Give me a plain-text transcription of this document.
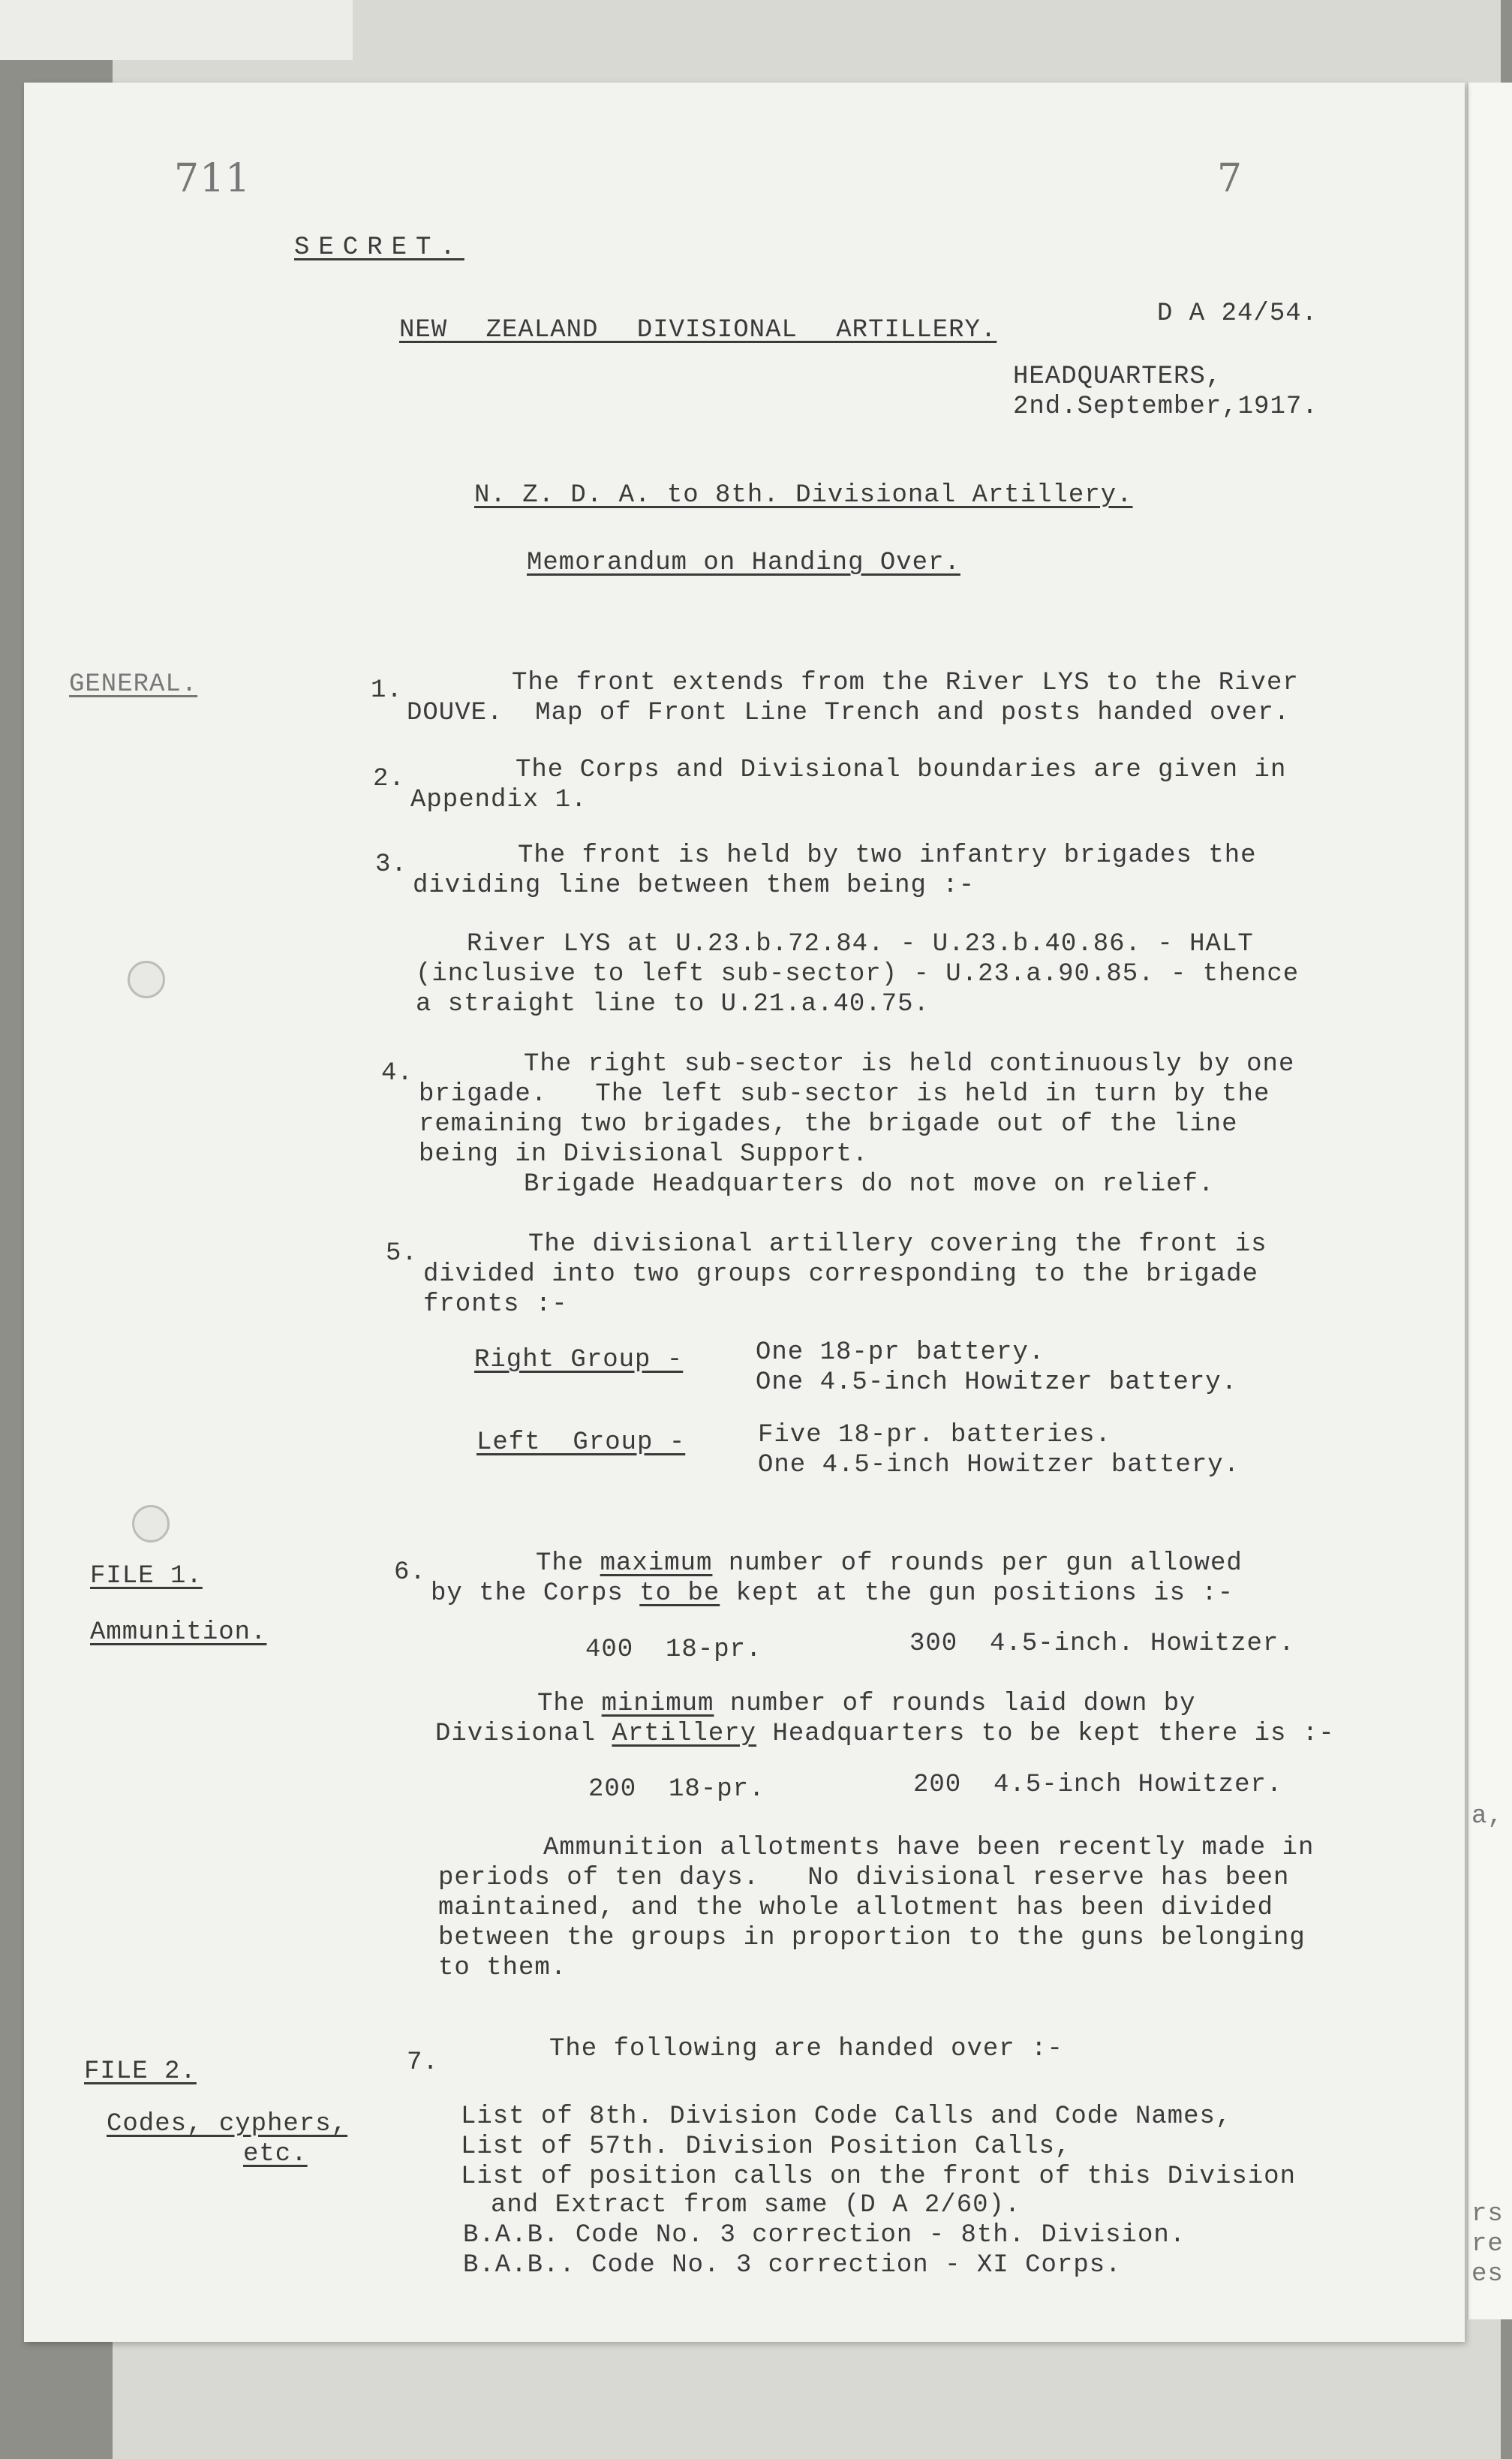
a,
rs
re
es
711	7
SECRET.
NEW ZEALAND DIVISIONAL ARTILLERY.
D A 24/54.
HEADQUARTERS,
2nd.September,1917.
N. Z. D. A. to 8th. Divisional Artillery.
Memorandum on Handing Over.
GENERAL.
FILE 1.
Ammunition.
FILE 2.
Codes, cyphers,
etc.
1.	The front extends from the River LYS to the River
DOUVE.  Map of Front Line Trench and posts handed over.
2.	The Corps and Divisional boundaries are given in
Appendix 1.
3.	The front is held by two infantry brigades the
dividing line between them being :-
River LYS at U.23.b.72.84. - U.23.b.40.86. - HALT
(inclusive to left sub-sector) - U.23.a.90.85. - thence
a straight line to U.21.a.40.75.
4.	The right sub-sector is held continuously by one
brigade.   The left sub-sector is held in turn by the
remaining two brigades, the brigade out of the line
being in Divisional Support.
Brigade Headquarters do not move on relief.
5.	The divisional artillery covering the front is
divided into two groups corresponding to the brigade
fronts :-
Right Group -	One 18-pr battery.
One 4.5-inch Howitzer battery.
Left  Group -	Five 18-pr. batteries.
One 4.5-inch Howitzer battery.
6.	The maximum number of rounds per gun allowed
by the Corps to be kept at the gun positions is :-
400  18-pr.	300  4.5-inch. Howitzer.
The minimum number of rounds laid down by
Divisional Artillery Headquarters to be kept there is :-
200  18-pr.	200  4.5-inch Howitzer.
Ammunition allotments have been recently made in
periods of ten days.   No divisional reserve has been
maintained, and the whole allotment has been divided
between the groups in proportion to the guns belonging
to them.
7.	The following are handed over :-
List of 8th. Division Code Calls and Code Names,
List of 57th. Division Position Calls,
List of position calls on the front of this Division
and Extract from same (D A 2/60).
B.A.B. Code No. 3 correction - 8th. Division.
B.A.B.. Code No. 3 correction - XI Corps.
